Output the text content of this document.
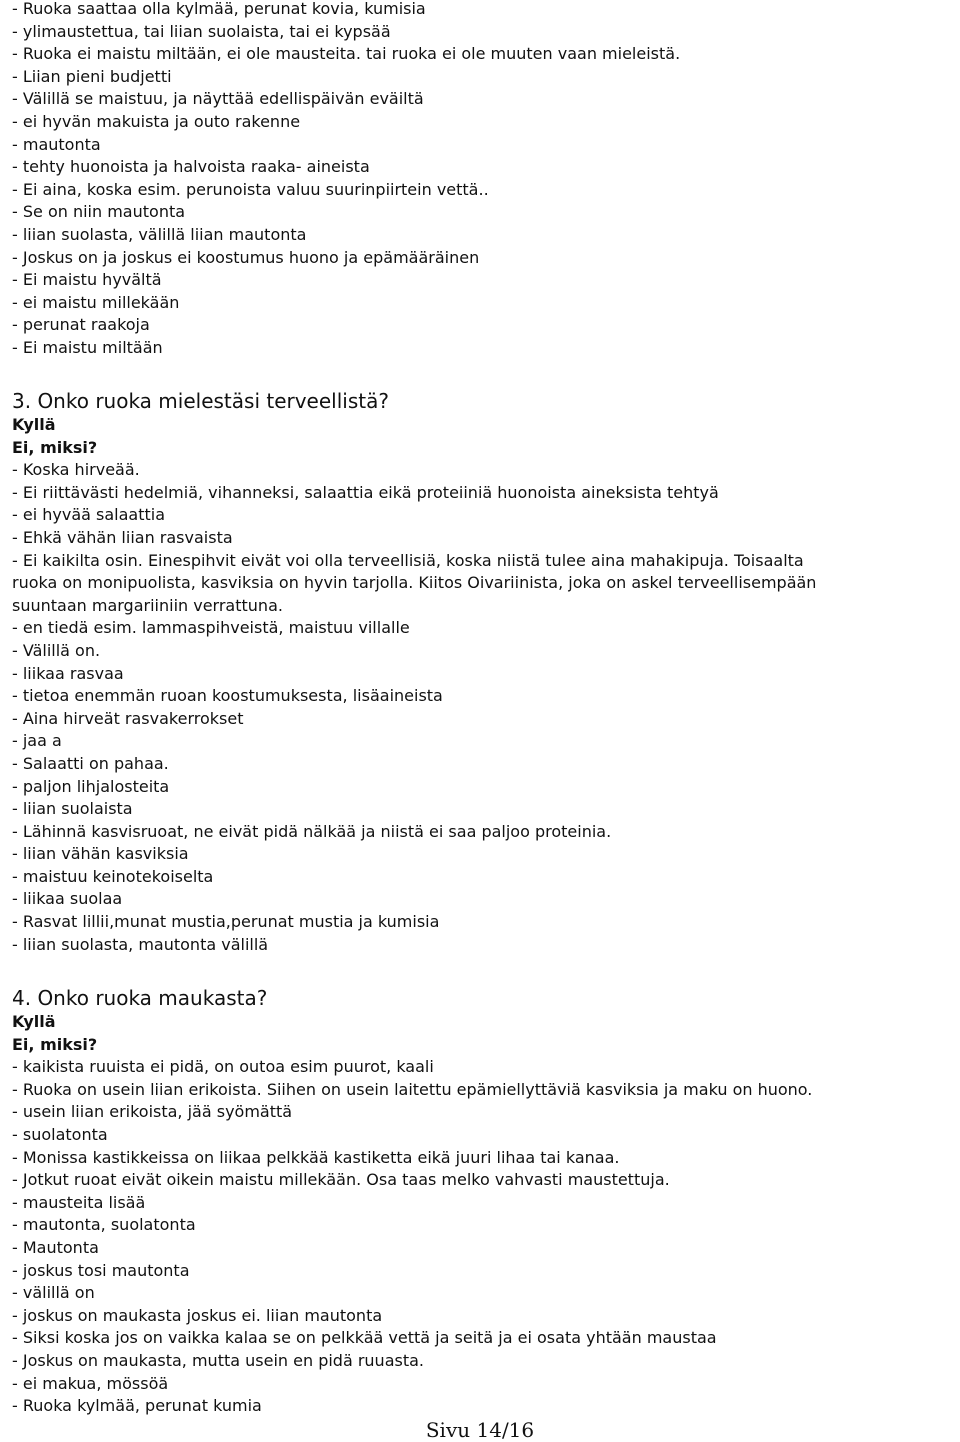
- Ruoka saattaa olla kylmää, perunat kovia, kumisia

- ylimaustettua, tai liian suolaista, tai ei kypsää

- Ruoka ei maistu miltään, ei ole mausteita. tai ruoka ei ole muuten vaan mieleistä.

- Liian pieni budjetti

- Välillä se maistuu, ja näyttää edellispäivän eväiltä

- ei hyvän makuista ja outo rakenne

- mautonta

- tehty huonoista ja halvoista raaka- aineista

- Ei aina, koska esim. perunoista valuu suurinpiirtein vettä..

- Se on niin mautonta

- liian suolasta, välillä liian mautonta

- Joskus on ja joskus ei koostumus huono ja epämääräinen

- Ei maistu hyvältä

- ei maistu millekään

- perunat raakoja

- Ei maistu miltään

3. Onko ruoka mielestäsi terveellistä?

Kyllä

Ei, miksi?

- Koska hirveää.

- Ei riittävästi hedelmiä, vihanneksi, salaattia eikä proteiiniä huonoista aineksista tehtyä

- ei hyvää salaattia

- Ehkä vähän liian rasvaista

- Ei kaikilta osin. Einespihvit eivät voi olla terveellisiä, koska niistä tulee aina mahakipuja. Toisaalta

ruoka on monipuolista, kasviksia on hyvin tarjolla. Kiitos Oivariinista, joka on askel terveellisempään

suuntaan margariiniin verrattuna.

- en tiedä esim. lammaspihveistä, maistuu villalle

- Välillä on.

- liikaa rasvaa

- tietoa enemmän ruoan koostumuksesta, lisäaineista

- Aina hirveät rasvakerrokset

- jaa a

- Salaatti on pahaa.

- paljon lihjalosteita

- liian suolaista

- Lähinnä kasvisruoat, ne eivät pidä nälkää ja niistä ei saa paljoo proteinia.

- liian vähän kasviksia

- maistuu keinotekoiselta

- liikaa suolaa

- Rasvat lillii,munat mustia,perunat mustia ja kumisia

- liian suolasta, mautonta välillä

4. Onko ruoka maukasta?

Kyllä

Ei, miksi?

- kaikista ruuista ei pidä, on outoa esim puurot, kaali

- Ruoka on usein liian erikoista. Siihen on usein laitettu epämiellyttäviä kasviksia ja maku on huono.

- usein liian erikoista, jää syömättä

- suolatonta

- Monissa kastikkeissa on liikaa pelkkää kastiketta eikä juuri lihaa tai kanaa.

- Jotkut ruoat eivät oikein maistu millekään. Osa taas melko vahvasti maustettuja.

- mausteita lisää

- mautonta, suolatonta

- Mautonta

- joskus tosi mautonta

- välillä on

- joskus on maukasta joskus ei. liian mautonta

- Siksi koska jos on vaikka kalaa se on pelkkää vettä ja seitä ja ei osata yhtään maustaa

- Joskus on maukasta, mutta usein en pidä ruuasta.

- ei makua, mössöä

- Ruoka kylmää, perunat kumia

Sivu 14/16
